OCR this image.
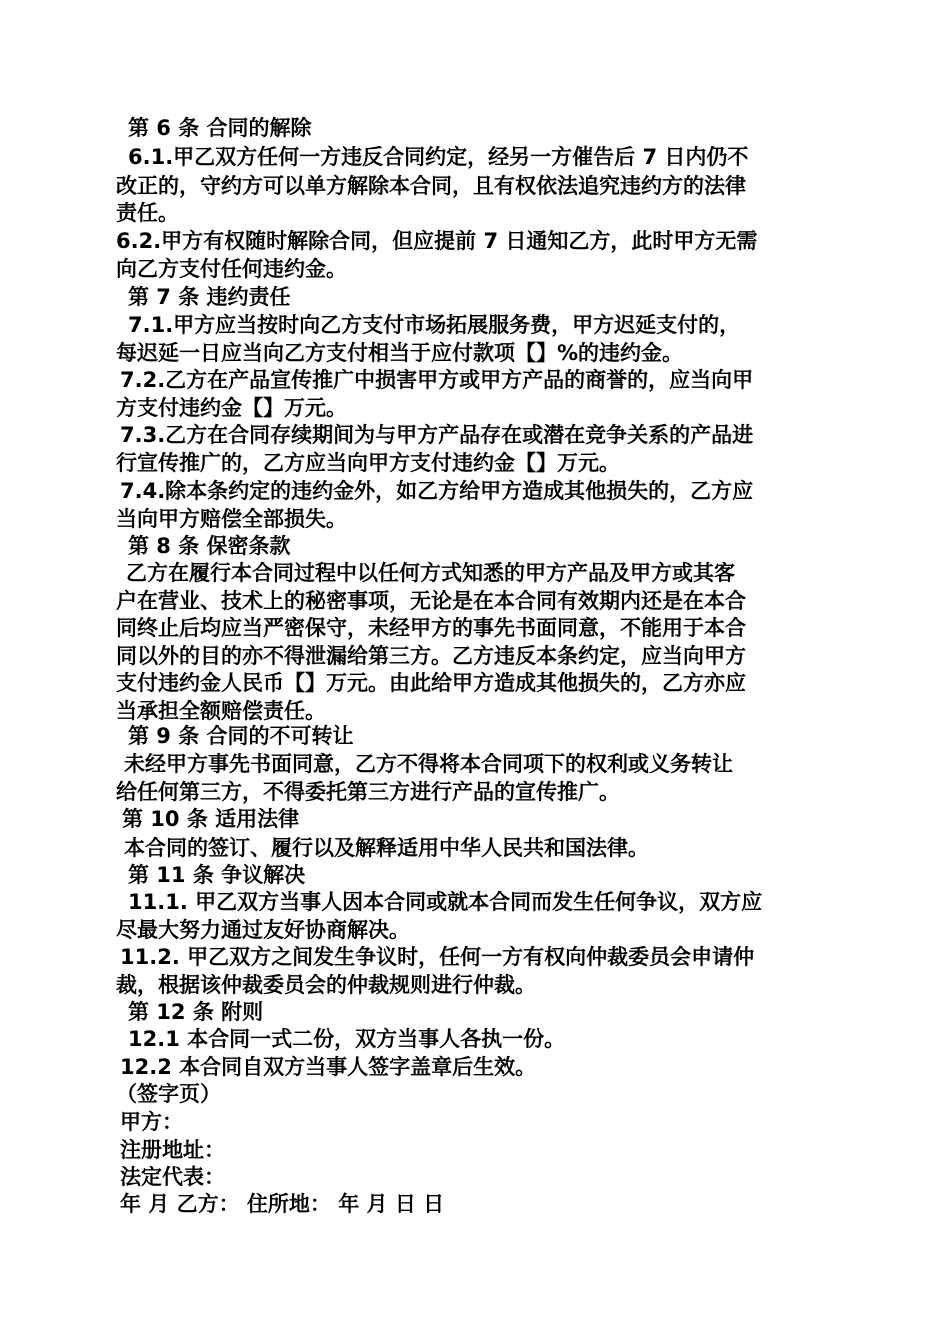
第 6 条 合同的解除
6.1.甲乙双方任何一方违反合同约定，经另一方催告后 7 日内仍不
改正的，守约方可以单方解除本合同，且有权依法追究违约方的法律
责任。
6.2.甲方有权随时解除合同，但应提前 7 日通知乙方，此时甲方无需
向乙方支付任何违约金。
第 7 条 违约责任
7.1.甲方应当按时向乙方支付市场拓展服务费，甲方迟延支付的，
每迟延一日应当向乙方支付相当于应付款项【】%的违约金。
7.2.乙方在产品宣传推广中损害甲方或甲方产品的商誉的，应当向甲
方支付违约金【】万元。
7.3.乙方在合同存续期间为与甲方产品存在或潜在竞争关系的产品进
行宣传推广的，乙方应当向甲方支付违约金【】万元。
7.4.除本条约定的违约金外，如乙方给甲方造成其他损失的，乙方应
当向甲方赔偿全部损失。
第 8 条 保密条款
乙方在履行本合同过程中以任何方式知悉的甲方产品及甲方或其客
户在营业、技术上的秘密事项，无论是在本合同有效期内还是在本合
同终止后均应当严密保守，未经甲方的事先书面同意，不能用于本合
同以外的目的亦不得泄漏给第三方。乙方违反本条约定，应当向甲方
支付违约金人民币【】万元。由此给甲方造成其他损失的，乙方亦应
当承担全额赔偿责任。
第 9 条 合同的不可转让
未经甲方事先书面同意，乙方不得将本合同项下的权利或义务转让
给任何第三方，不得委托第三方进行产品的宣传推广。
第 10 条 适用法律
本合同的签订、履行以及解释适用中华人民共和国法律。
第 11 条 争议解决
11.1. 甲乙双方当事人因本合同或就本合同而发生任何争议，双方应
尽最大努力通过友好协商解决。
11.2. 甲乙双方之间发生争议时，任何一方有权向仲裁委员会申请仲
裁，根据该仲裁委员会的仲裁规则进行仲裁。
第 12 条 附则
12.1 本合同一式二份，双方当事人各执一份。
12.2 本合同自双方当事人签字盖章后生效。
（签字页）
甲方：
注册地址：
法定代表：
年 月 乙方： 住所地： 年 月 日 日
